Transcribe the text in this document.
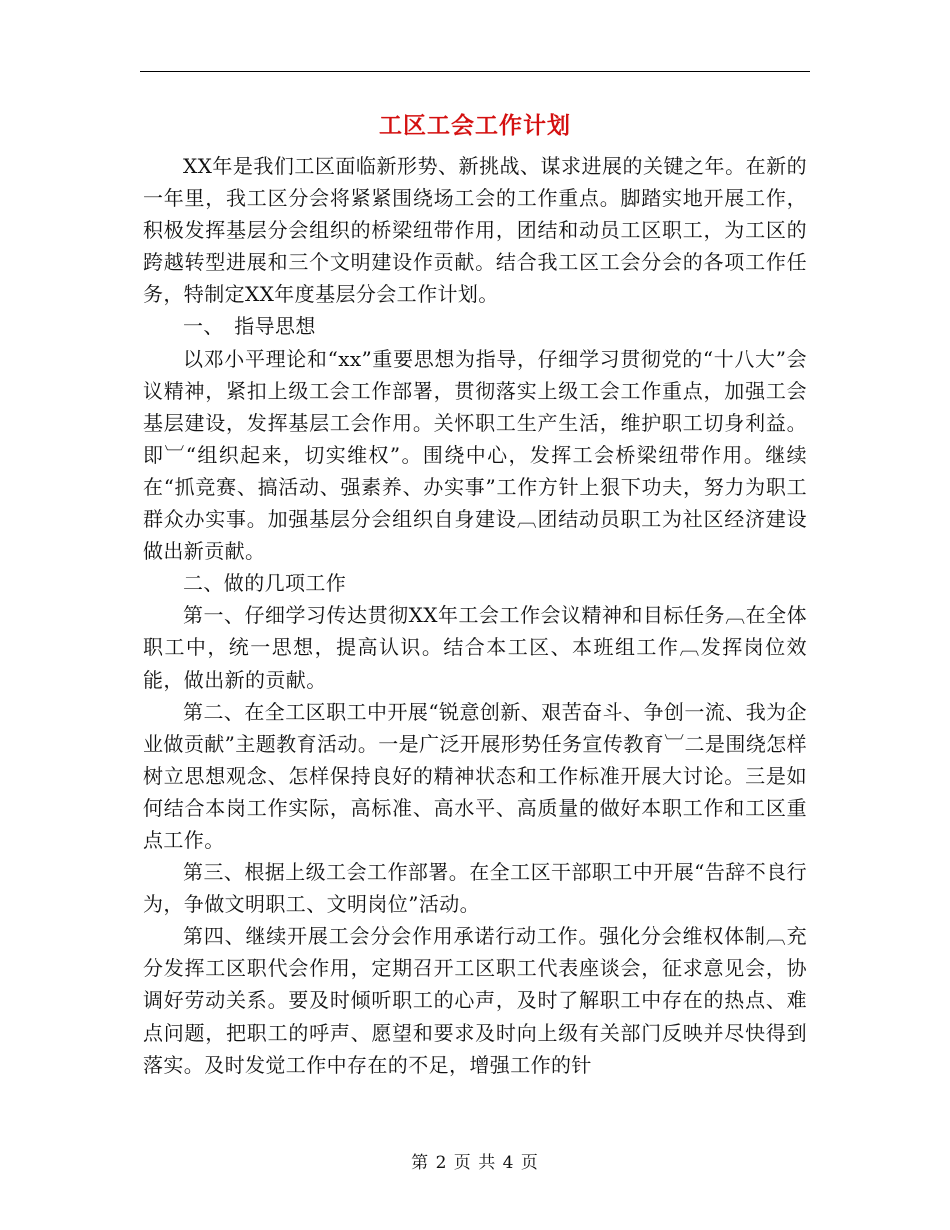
工区工会工作计划

XX年是我们工区面临新形势、新挑战、谋求进展的关键之年。在新的一年里，我工区分会将紧紧围绕场工会的工作重点。脚踏实地开展工作，积极发挥基层分会组织的桥梁纽带作用，团结和动员工区职工，为工区的跨越转型进展和三个文明建设作贡献。结合我工区工会分会的各项工作任务，特制定XX年度基层分会工作计划。

一、　指导思想

以邓小平理论和“xx”重要思想为指导，仔细学习贯彻党的“十八大”会议精神，紧扣上级工会工作部署，贯彻落实上级工会工作重点，加强工会基层建设，发挥基层工会作用。关怀职工生产生活，维护职工切身利益。即︺“组织起来，切实维权”。围绕中心，发挥工会桥梁纽带作用。继续在“抓竞赛、搞活动、强素养、办实事”工作方针上狠下功夫，努力为职工群众办实事。加强基层分会组织自身建设︹团结动员职工为社区经济建设做出新贡献。

二、做的几项工作

第一、仔细学习传达贯彻XX年工会工作会议精神和目标任务︹在全体职工中，统一思想，提高认识。结合本工区、本班组工作︹发挥岗位效能，做出新的贡献。

第二、在全工区职工中开展“锐意创新、艰苦奋斗、争创一流、我为企业做贡献”主题教育活动。一是广泛开展形势任务宣传教育︺二是围绕怎样树立思想观念、怎样保持良好的精神状态和工作标准开展大讨论。三是如何结合本岗工作实际，高标准、高水平、高质量的做好本职工作和工区重点工作。

第三、根据上级工会工作部署。在全工区干部职工中开展“告辞不良行为，争做文明职工、文明岗位”活动。

第四、继续开展工会分会作用承诺行动工作。强化分会维权体制︹充分发挥工区职代会作用，定期召开工区职工代表座谈会，征求意见会，协调好劳动关系。要及时倾听职工的心声，及时了解职工中存在的热点、难点问题，把职工的呼声、愿望和要求及时向上级有关部门反映并尽快得到落实。及时发觉工作中存在的不足，增强工作的针

第 2 页 共 4 页
